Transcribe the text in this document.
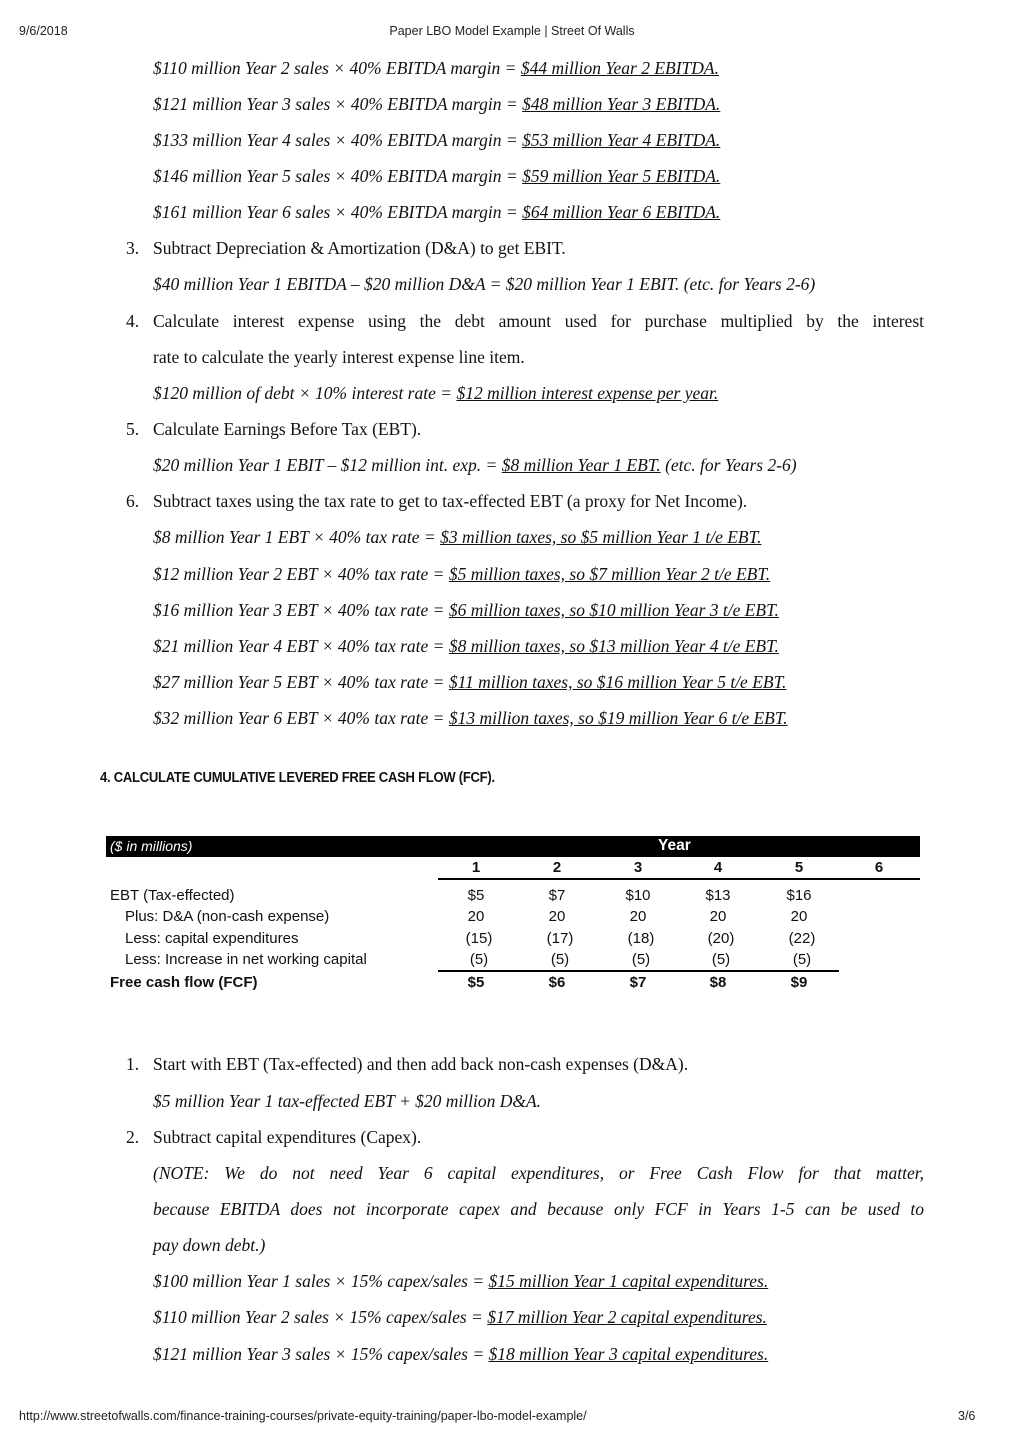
9/6/2018	Paper LBO Model Example | Street Of Walls
$110 million Year 2 sales × 40% EBITDA margin = $44 million Year 2 EBITDA.
$121 million Year 3 sales × 40% EBITDA margin = $48 million Year 3 EBITDA.
$133 million Year 4 sales × 40% EBITDA margin = $53 million Year 4 EBITDA.
$146 million Year 5 sales × 40% EBITDA margin = $59 million Year 5 EBITDA.
$161 million Year 6 sales × 40% EBITDA margin = $64 million Year 6 EBITDA.
3. Subtract Depreciation & Amortization (D&A) to get EBIT.
$40 million Year 1 EBITDA – $20 million D&A = $20 million Year 1 EBIT. (etc. for Years 2-6)
4. Calculate interest expense using the debt amount used for purchase multiplied by the interest
rate to calculate the yearly interest expense line item.
$120 million of debt × 10% interest rate = $12 million interest expense per year.
5. Calculate Earnings Before Tax (EBT).
$20 million Year 1 EBIT – $12 million int. exp. = $8 million Year 1 EBT. (etc. for Years 2-6)
6. Subtract taxes using the tax rate to get to tax-effected EBT (a proxy for Net Income).
$8 million Year 1 EBT × 40% tax rate = $3 million taxes, so $5 million Year 1 t/e EBT.
$12 million Year 2 EBT × 40% tax rate = $5 million taxes, so $7 million Year 2 t/e EBT.
$16 million Year 3 EBT × 40% tax rate = $6 million taxes, so $10 million Year 3 t/e EBT.
$21 million Year 4 EBT × 40% tax rate = $8 million taxes, so $13 million Year 4 t/e EBT.
$27 million Year 5 EBT × 40% tax rate = $11 million taxes, so $16 million Year 5 t/e EBT.
$32 million Year 6 EBT × 40% tax rate = $13 million taxes, so $19 million Year 6 t/e EBT.
4. CALCULATE CUMULATIVE LEVERED FREE CASH FLOW (FCF).
($ in millions)	Year
1	2	3	4	5	6
EBT (Tax-effected)	$5	$7	$10	$13	$16
Plus: D&A (non-cash expense)	20	20	20	20	20
Less: capital expenditures	(15)	(17)	(18)	(20)	(22)
Less: Increase in net working capital	(5)	(5)	(5)	(5)	(5)
Free cash flow (FCF)	$5	$6	$7	$8	$9
1. Start with EBT (Tax-effected) and then add back non-cash expenses (D&A).
$5 million Year 1 tax-effected EBT + $20 million D&A.
2. Subtract capital expenditures (Capex).
(NOTE: We do not need Year 6 capital expenditures, or Free Cash Flow for that matter,
because EBITDA does not incorporate capex and because only FCF in Years 1-5 can be used to
pay down debt.)
$100 million Year 1 sales × 15% capex/sales = $15 million Year 1 capital expenditures.
$110 million Year 2 sales × 15% capex/sales = $17 million Year 2 capital expenditures.
$121 million Year 3 sales × 15% capex/sales = $18 million Year 3 capital expenditures.
http://www.streetofwalls.com/finance-training-courses/private-equity-training/paper-lbo-model-example/	3/6
